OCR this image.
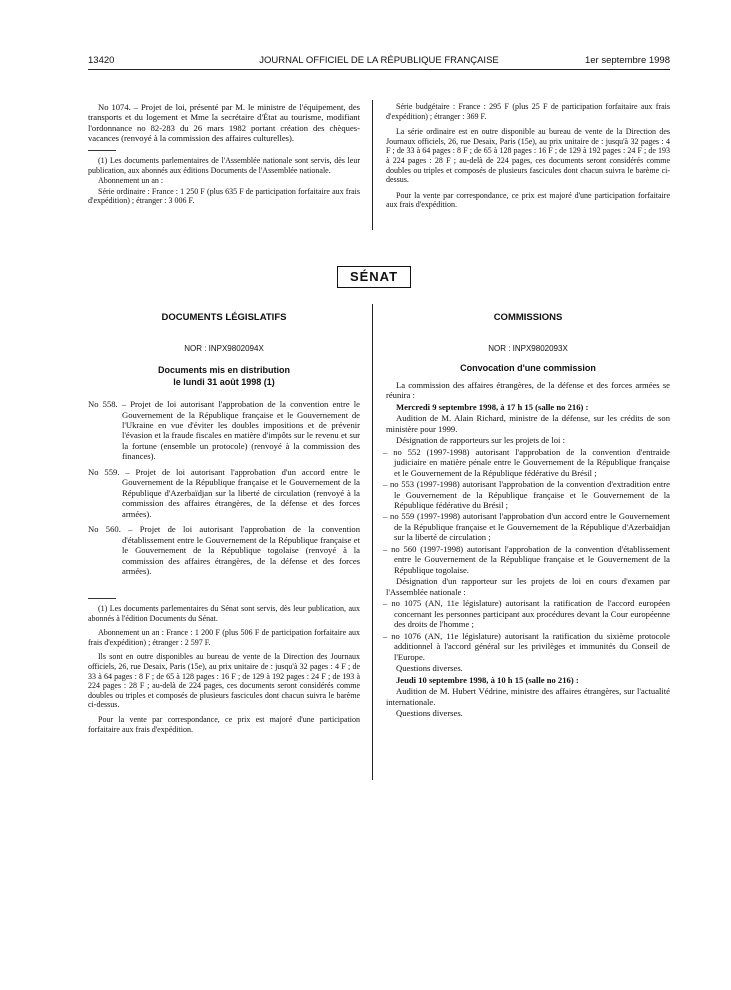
13420	JOURNAL OFFICIEL DE LA RÉPUBLIQUE FRANÇAISE	1er septembre 1998

No 1074. – Projet de loi, présenté par M. le ministre de l'équipement, des transports et du logement et Mme la secrétaire d'État au tourisme, modifiant l'ordonnance no 82-283 du 26 mars 1982 portant création des chèques-vacances (renvoyé à la commission des affaires culturelles).

(1) Les documents parlementaires de l'Assemblée nationale sont servis, dès leur publication, aux abonnés aux éditions Documents de l'Assemblée nationale.

Abonnement un an :

Série ordinaire : France : 1 250 F (plus 635 F de participation forfaitaire aux frais d'expédition) ; étranger : 3 006 F.

Série budgétaire : France : 295 F (plus 25 F de participation forfaitaire aux frais d'expédition) ; étranger : 369 F.

La série ordinaire est en outre disponible au bureau de vente de la Direction des Journaux officiels, 26, rue Desaix, Paris (15e), au prix unitaire de : jusqu'à 32 pages : 4 F ; de 33 à 64 pages : 8 F ; de 65 à 128 pages : 16 F ; de 129 à 192 pages : 24 F ; de 193 à 224 pages : 28 F ; au-delà de 224 pages, ces documents seront considérés comme doubles ou triples et composés de plusieurs fascicules dont chacun suivra le barème ci-dessus.

Pour la vente par correspondance, ce prix est majoré d'une participation forfaitaire aux frais d'expédition.

SÉNAT

DOCUMENTS LÉGISLATIFS

NOR : INPX9802094X

Documents mis en distribution

le lundi 31 août 1998 (1)

No 558. – Projet de loi autorisant l'approbation de la convention entre le Gouvernement de la République française et le Gouvernement de l'Ukraine en vue d'éviter les doubles impositions et de prévenir l'évasion et la fraude fiscales en matière d'impôts sur le revenu et sur la fortune (ensemble un protocole) (renvoyé à la commission des finances).

No 559. – Projet de loi autorisant l'approbation d'un accord entre le Gouvernement de la République française et le Gouvernement de la République d'Azerbaïdjan sur la liberté de circulation (renvoyé à la commission des affaires étrangères, de la défense et des forces armées).

No 560. – Projet de loi autorisant l'approbation de la convention d'établissement entre le Gouvernement de la République française et le Gouvernement de la République togolaise (renvoyé à la commission des affaires étrangères, de la défense et des forces armées).

(1) Les documents parlementaires du Sénat sont servis, dès leur publication, aux abonnés à l'édition Documents du Sénat.

Abonnement un an : France : 1 200 F (plus 506 F de participation forfaitaire aux frais d'expédition) ; étranger : 2 597 F.

Ils sont en outre disponibles au bureau de vente de la Direction des Journaux officiels, 26, rue Desaix, Paris (15e), au prix unitaire de : jusqu'à 32 pages : 4 F ; de 33 à 64 pages : 8 F ; de 65 à 128 pages : 16 F ; de 129 à 192 pages : 24 F ; de 193 à 224 pages : 28 F ; au-delà de 224 pages, ces documents seront considérés comme doubles ou triples et composés de plusieurs fascicules dont chacun suivra le barème ci-dessus.

Pour la vente par correspondance, ce prix est majoré d'une participation forfaitaire aux frais d'expédition.

COMMISSIONS

NOR : INPX9802093X

Convocation d'une commission

La commission des affaires étrangères, de la défense et des forces armées se réunira :

Mercredi 9 septembre 1998, à 17 h 15 (salle no 216) :

Audition de M. Alain Richard, ministre de la défense, sur les crédits de son ministère pour 1999.

Désignation de rapporteurs sur les projets de loi :

– no 552 (1997-1998) autorisant l'approbation de la convention d'entraide judiciaire en matière pénale entre le Gouvernement de la République française et le Gouvernement de la République fédérative du Brésil ;

– no 553 (1997-1998) autorisant l'approbation de la convention d'extradition entre le Gouvernement de la République française et le Gouvernement de la République fédérative du Brésil ;

– no 559 (1997-1998) autorisant l'approbation d'un accord entre le Gouvernement de la République française et le Gouvernement de la République d'Azerbaïdjan sur la liberté de circulation ;

– no 560 (1997-1998) autorisant l'approbation de la convention d'établissement entre le Gouvernement de la République française et le Gouvernement de la République togolaise.

Désignation d'un rapporteur sur les projets de loi en cours d'examen par l'Assemblée nationale :

– no 1075 (AN, 11e législature) autorisant la ratification de l'accord européen concernant les personnes participant aux procédures devant la Cour européenne des droits de l'homme ;

– no 1076 (AN, 11e législature) autorisant la ratification du sixième protocole additionnel à l'accord général sur les privilèges et immunités du Conseil de l'Europe.

Questions diverses.

Jeudi 10 septembre 1998, à 10 h 15 (salle no 216) :

Audition de M. Hubert Védrine, ministre des affaires étrangères, sur l'actualité internationale.

Questions diverses.
